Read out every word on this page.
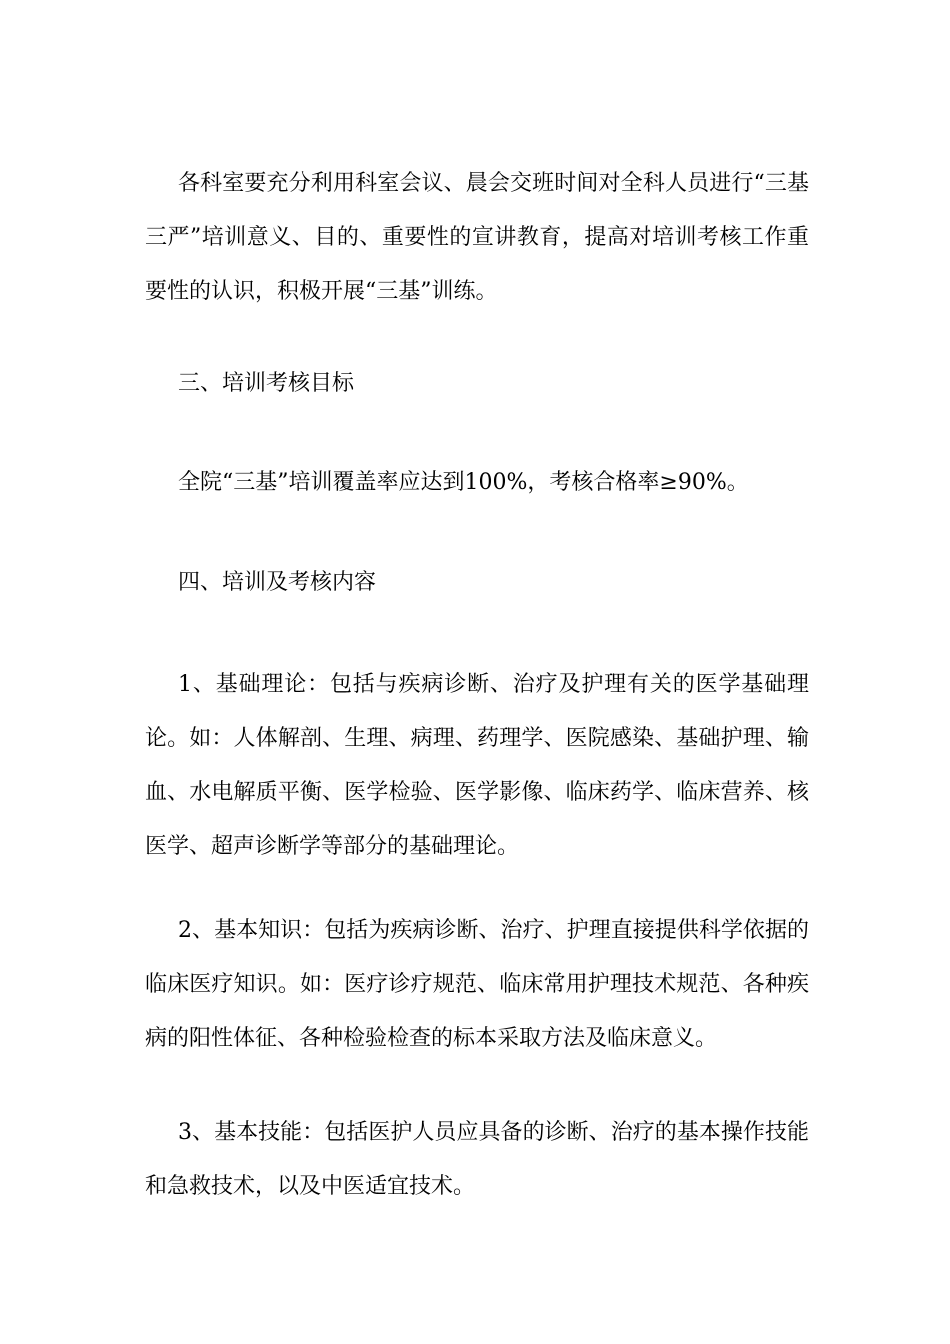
各科室要充分利用科室会议、晨会交班时间对全科人员进行“三基三严”培训意义、目的、重要性的宣讲教育，提高对培训考核工作重要性的认识，积极开展“三基”训练。

三、培训考核目标

全院“三基”培训覆盖率应达到100%，考核合格率≥90%。

四、培训及考核内容

1、基础理论：包括与疾病诊断、治疗及护理有关的医学基础理论。如：人体解剖、生理、病理、药理学、医院感染、基础护理、输血、水电解质平衡、医学检验、医学影像、临床药学、临床营养、核医学、超声诊断学等部分的基础理论。

2、基本知识：包括为疾病诊断、治疗、护理直接提供科学依据的临床医疗知识。如：医疗诊疗规范、临床常用护理技术规范、各种疾病的阳性体征、各种检验检查的标本采取方法及临床意义。

3、基本技能：包括医护人员应具备的诊断、治疗的基本操作技能和急救技术，以及中医适宜技术。
